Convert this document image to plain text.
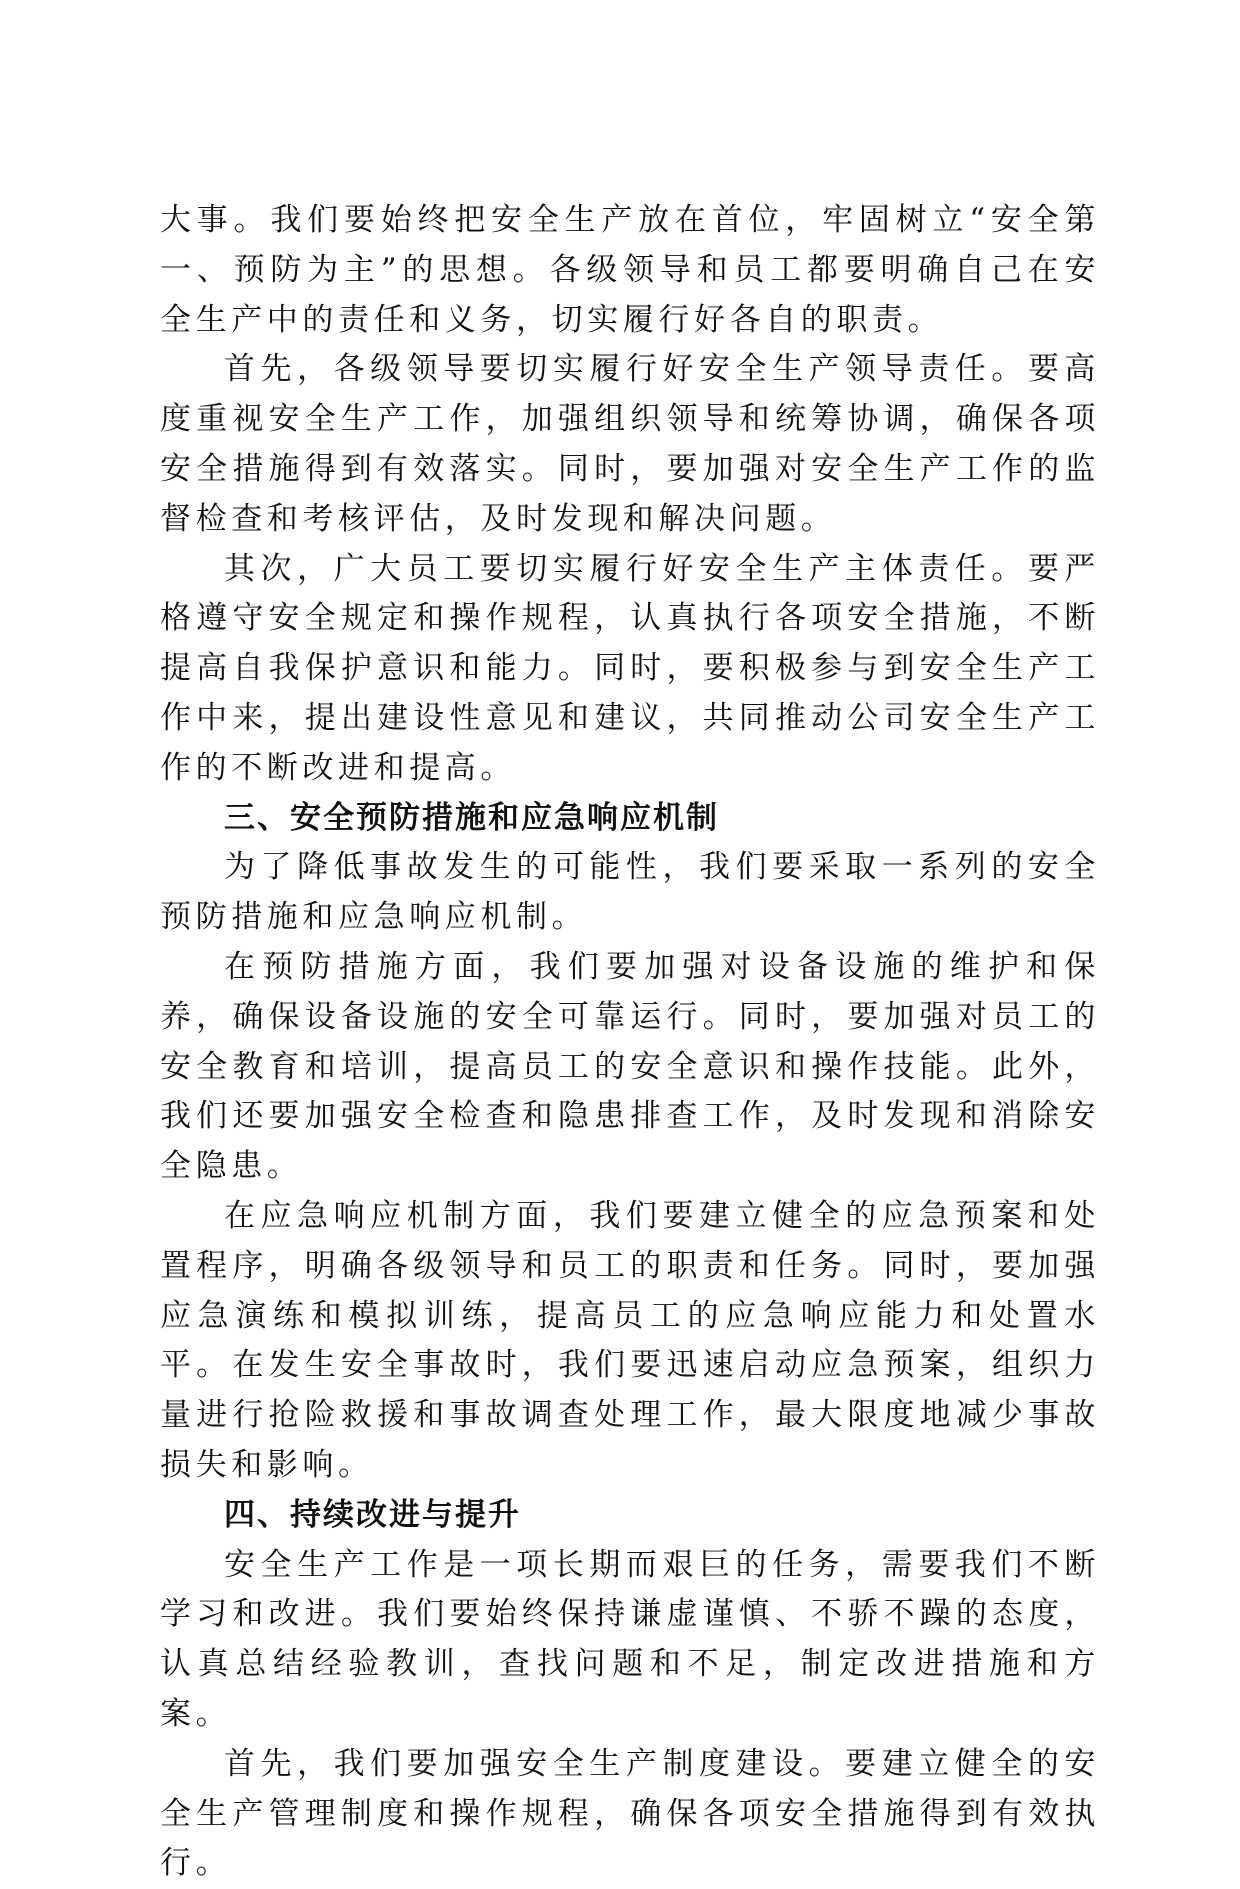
大事。我们要始终把安全生产放在首位，牢固树立“安全第一、预防为主”的思想。各级领导和员工都要明确自己在安全生产中的责任和义务，切实履行好各自的职责。

首先，各级领导要切实履行好安全生产领导责任。要高度重视安全生产工作，加强组织领导和统筹协调，确保各项安全措施得到有效落实。同时，要加强对安全生产工作的监督检查和考核评估，及时发现和解决问题。

其次，广大员工要切实履行好安全生产主体责任。要严格遵守安全规定和操作规程，认真执行各项安全措施，不断提高自我保护意识和能力。同时，要积极参与到安全生产工作中来，提出建设性意见和建议，共同推动公司安全生产工作的不断改进和提高。

三、安全预防措施和应急响应机制

为了降低事故发生的可能性，我们要采取一系列的安全预防措施和应急响应机制。

在预防措施方面，我们要加强对设备设施的维护和保养，确保设备设施的安全可靠运行。同时，要加强对员工的安全教育和培训，提高员工的安全意识和操作技能。此外，我们还要加强安全检查和隐患排查工作，及时发现和消除安全隐患。

在应急响应机制方面，我们要建立健全的应急预案和处置程序，明确各级领导和员工的职责和任务。同时，要加强应急演练和模拟训练，提高员工的应急响应能力和处置水平。在发生安全事故时，我们要迅速启动应急预案，组织力量进行抢险救援和事故调查处理工作，最大限度地减少事故损失和影响。

四、持续改进与提升

安全生产工作是一项长期而艰巨的任务，需要我们不断学习和改进。我们要始终保持谦虚谨慎、不骄不躁的态度，认真总结经验教训，查找问题和不足，制定改进措施和方案。

首先，我们要加强安全生产制度建设。要建立健全的安全生产管理制度和操作规程，确保各项安全措施得到有效执行。
